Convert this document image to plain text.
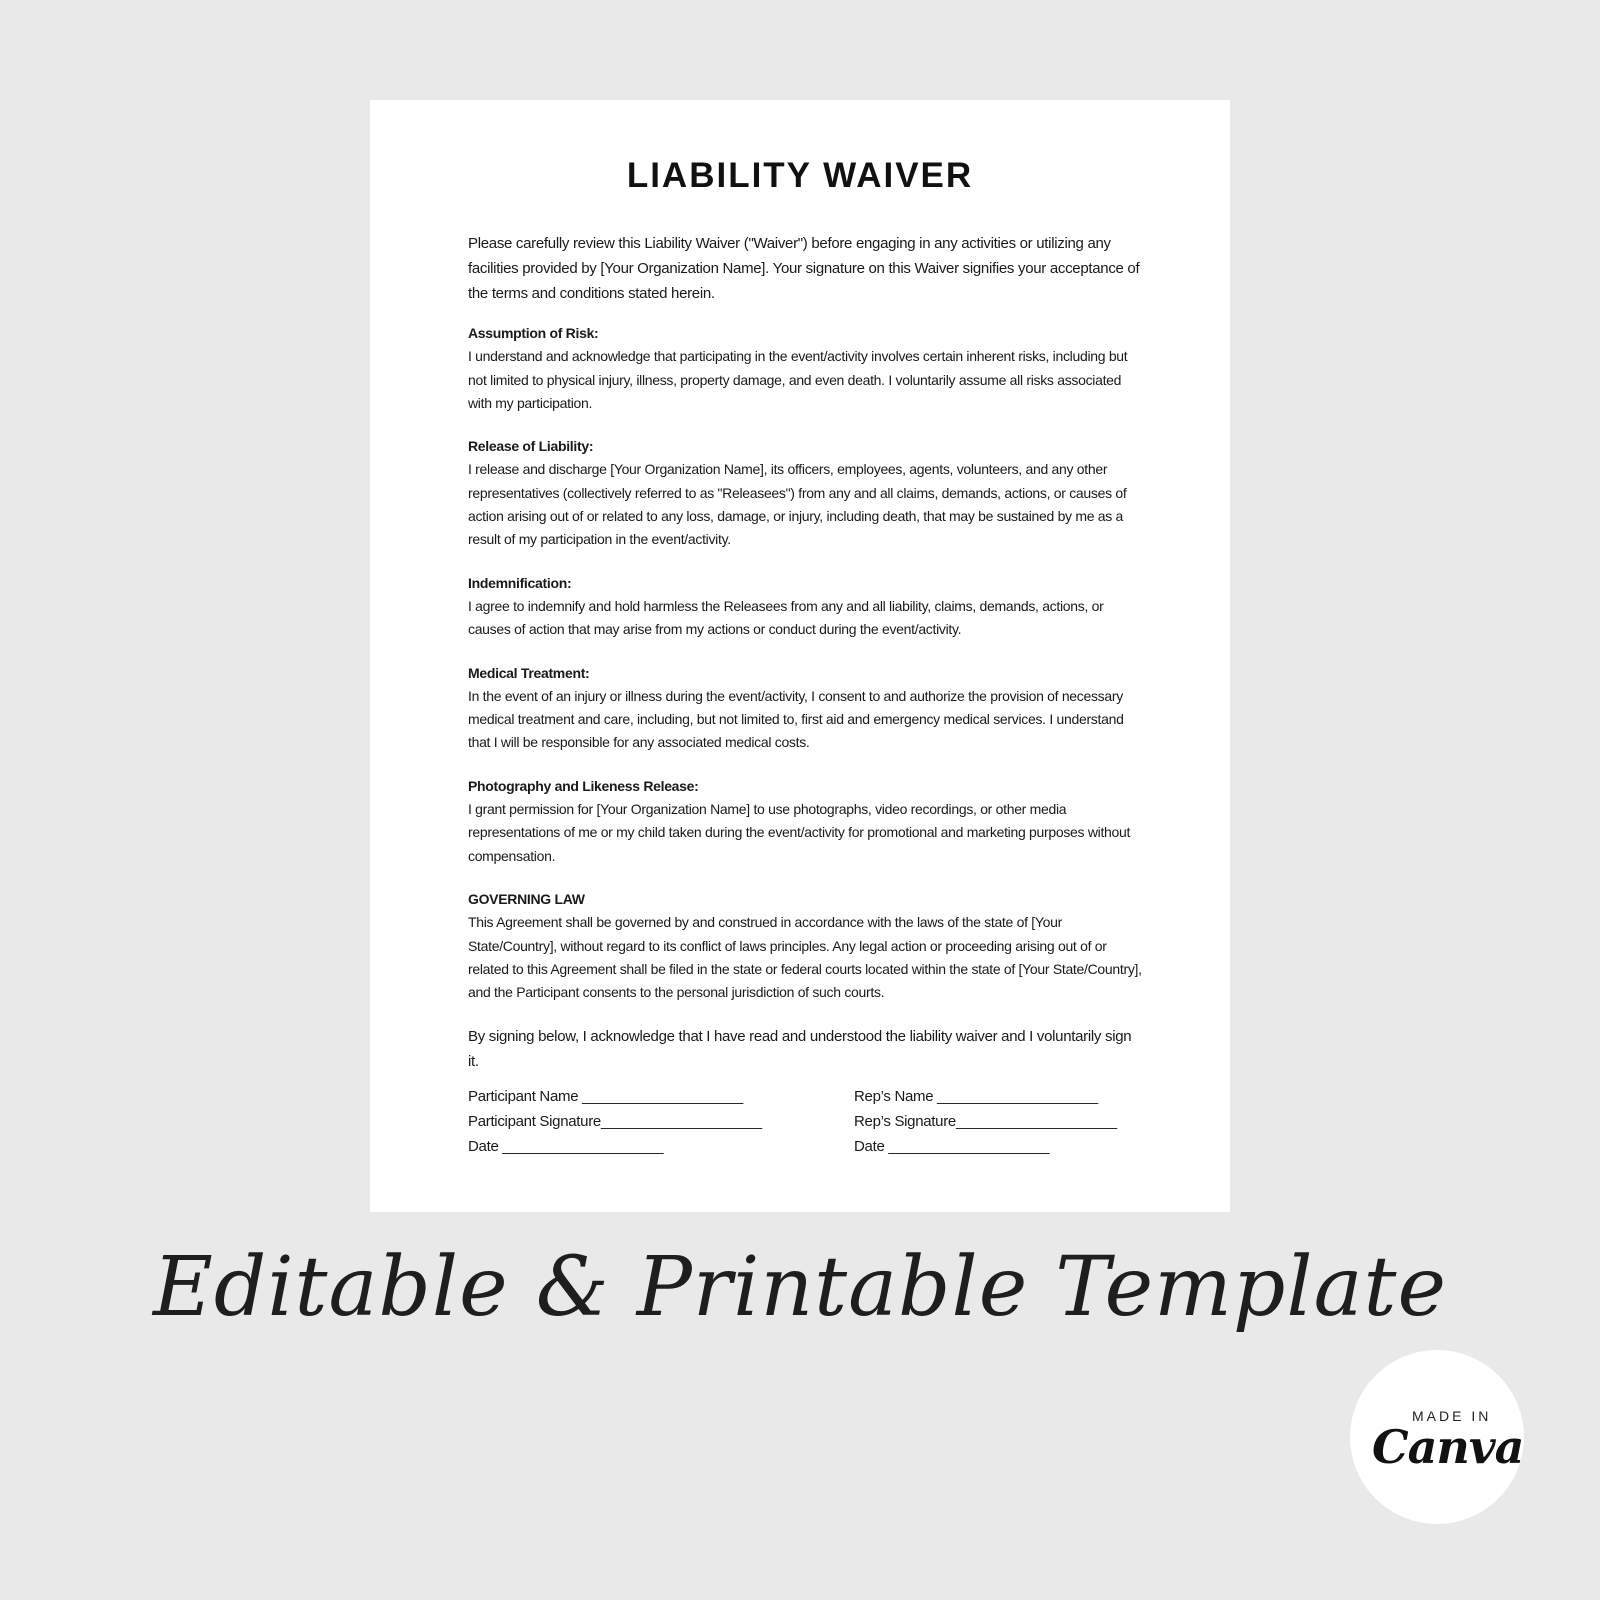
LIABILITY WAIVER

Please carefully review this Liability Waiver ("Waiver") before engaging in any activities or utilizing any facilities provided by [Your Organization Name]. Your signature on this Waiver signifies your acceptance of the terms and conditions stated herein.

Assumption of Risk:
I understand and acknowledge that participating in the event/activity involves certain inherent risks, including but not limited to physical injury, illness, property damage, and even death. I voluntarily assume all risks associated with my participation.
Release of Liability:
I release and discharge [Your Organization Name], its officers, employees, agents, volunteers, and any other representatives (collectively referred to as "Releasees") from any and all claims, demands, actions, or causes of action arising out of or related to any loss, damage, or injury, including death, that may be sustained by me as a result of my participation in the event/activity.
Indemnification:
I agree to indemnify and hold harmless the Releasees from any and all liability, claims, demands, actions, or causes of action that may arise from my actions or conduct during the event/activity.
Medical Treatment:
In the event of an injury or illness during the event/activity, I consent to and authorize the provision of necessary medical treatment and care, including, but not limited to, first aid and emergency medical services. I understand that I will be responsible for any associated medical costs.
Photography and Likeness Release:
I grant permission for [Your Organization Name] to use photographs, video recordings, or other media representations of me or my child taken during the event/activity for promotional and marketing purposes without compensation.
GOVERNING LAW
This Agreement shall be governed by and construed in accordance with the laws of the state of [Your State/Country], without regard to its conflict of laws principles. Any legal action or proceeding arising out of or related to this Agreement shall be filed in the state or federal courts located within the state of [Your State/Country], and the Participant consents to the personal jurisdiction of such courts.

By signing below, I acknowledge that I have read and understood the liability waiver and I voluntarily sign it.

Participant Name ____________________
Participant Signature____________________
Date ____________________
Rep’s Name ____________________
Rep’s Signature____________________
Date ____________________

Editable & Printable Template

MADE IN
Canva
